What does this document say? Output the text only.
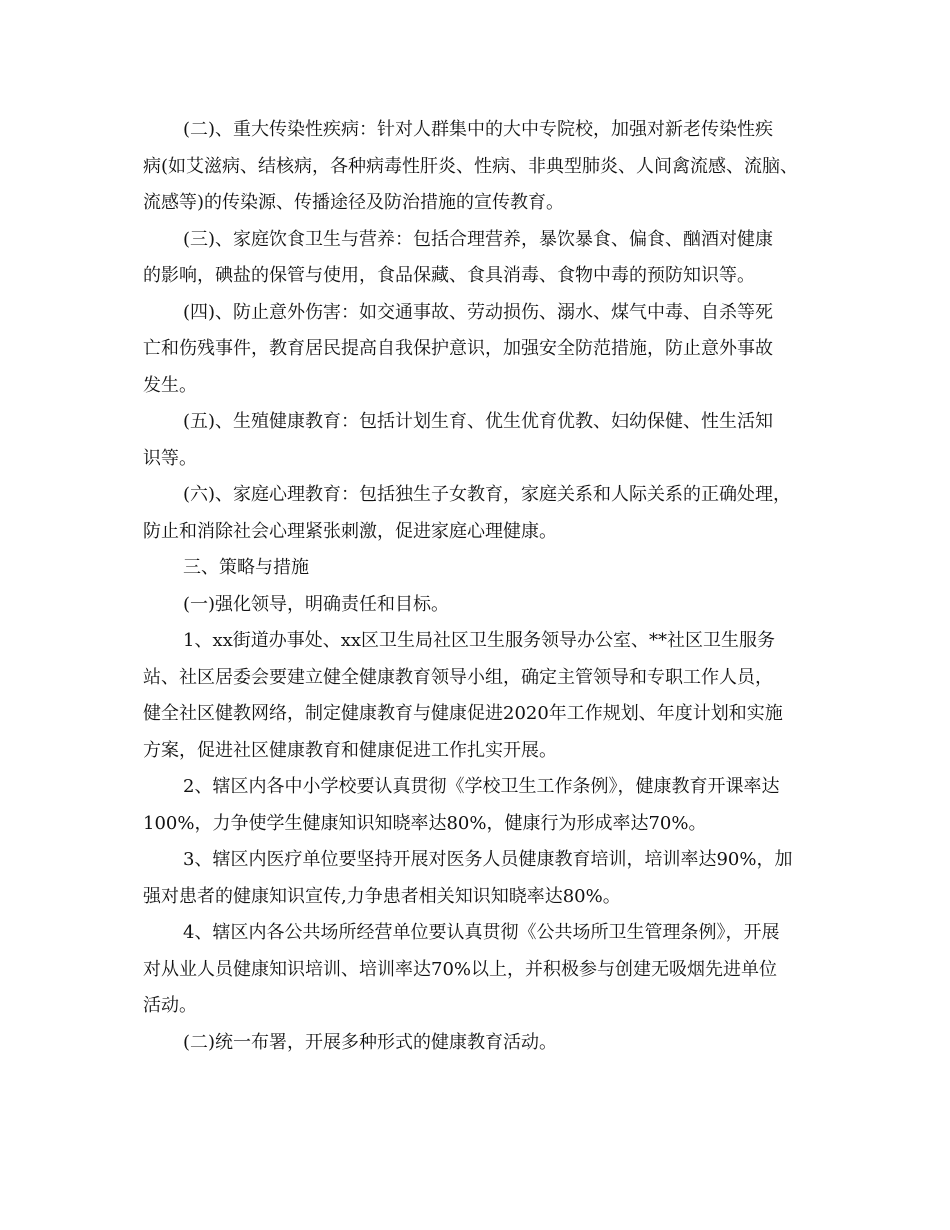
(二)、重大传染性疾病：针对人群集中的大中专院校，加强对新老传染性疾
病(如艾滋病、结核病，各种病毒性肝炎、性病、非典型肺炎、人间禽流感、流脑、
流感等)的传染源、传播途径及防治措施的宣传教育。
(三)、家庭饮食卫生与营养：包括合理营养，暴饮暴食、偏食、酗酒对健康
的影响，碘盐的保管与使用，食品保藏、食具消毒、食物中毒的预防知识等。
(四)、防止意外伤害：如交通事故、劳动损伤、溺水、煤气中毒、自杀等死
亡和伤残事件，教育居民提高自我保护意识，加强安全防范措施，防止意外事故
发生。
(五)、生殖健康教育：包括计划生育、优生优育优教、妇幼保健、性生活知
识等。
(六)、家庭心理教育：包括独生子女教育，家庭关系和人际关系的正确处理，
防止和消除社会心理紧张刺激，促进家庭心理健康。
三、策略与措施
(一)强化领导，明确责任和目标。
1、xx街道办事处、xx区卫生局社区卫生服务领导办公室、**社区卫生服务
站、社区居委会要建立健全健康教育领导小组，确定主管领导和专职工作人员，
健全社区健教网络，制定健康教育与健康促进2020年工作规划、年度计划和实施
方案，促进社区健康教育和健康促进工作扎实开展。
2、辖区内各中小学校要认真贯彻《学校卫生工作条例》，健康教育开课率达
100%，力争使学生健康知识知晓率达80%，健康行为形成率达70%。
3、辖区内医疗单位要坚持开展对医务人员健康教育培训，培训率达90%，加
强对患者的健康知识宣传,力争患者相关知识知晓率达80%。
4、辖区内各公共场所经营单位要认真贯彻《公共场所卫生管理条例》，开展
对从业人员健康知识培训、培训率达70%以上，并积极参与创建无吸烟先进单位
活动。
(二)统一布署，开展多种形式的健康教育活动。
